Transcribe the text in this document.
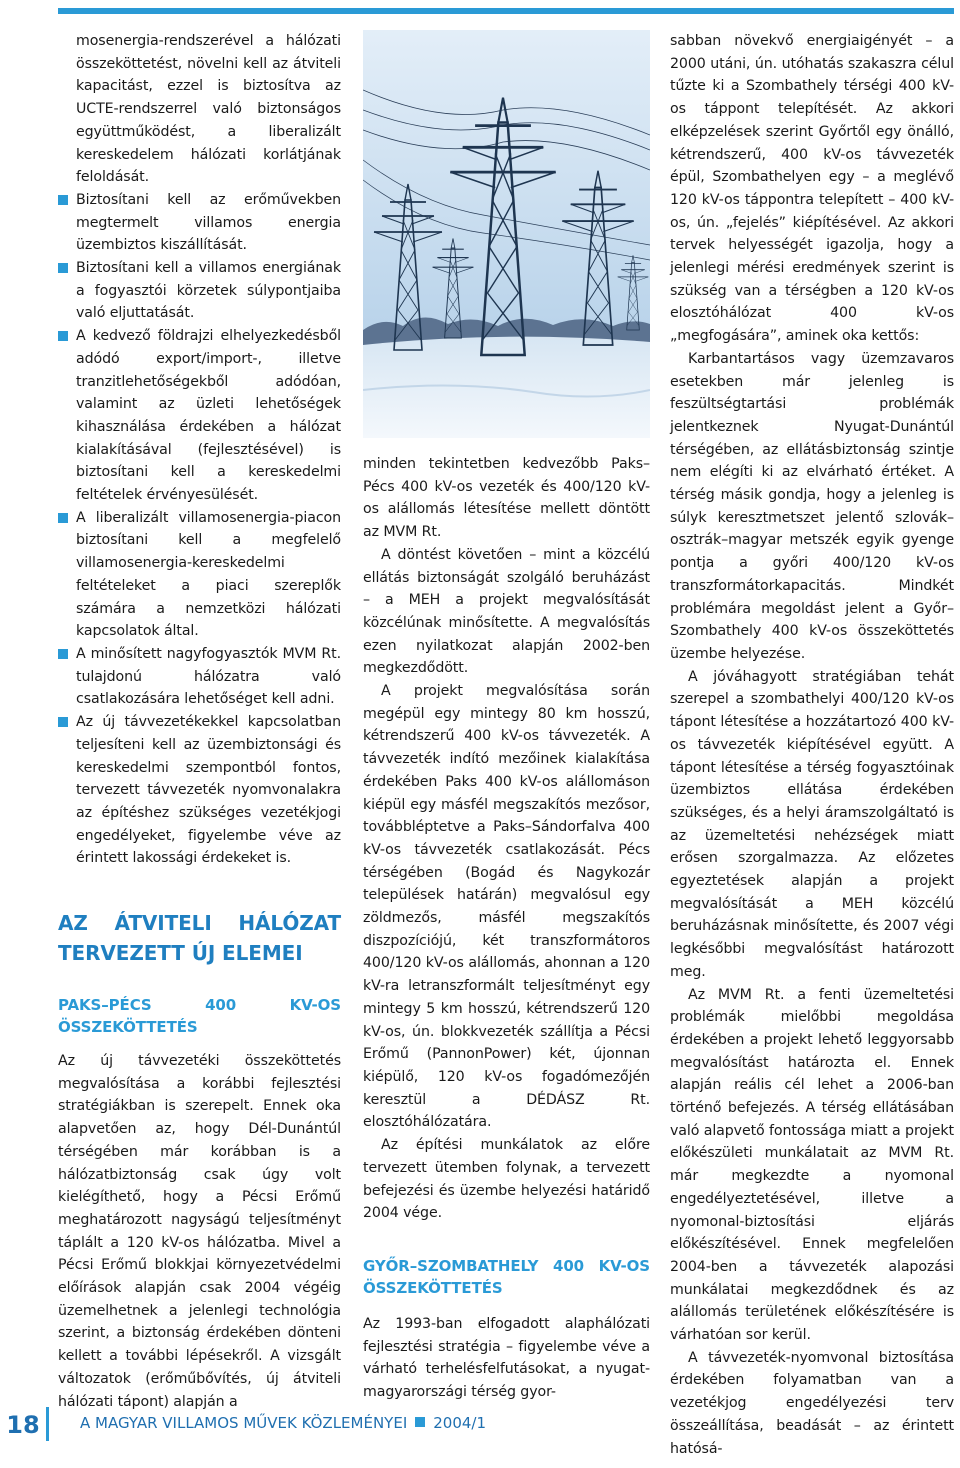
mosenergia-rendszerével a hálózati összeköttetést, növelni kell az átviteli kapacitást, ezzel is biztosítva az UCTE-rendszerrel való biztonságos együttműködést, a liberalizált kereskedelem hálózati korlátjának feloldását.

Biztosítani kell az erőművekben megtermelt villamos energia üzembiztos kiszállítását.

Biztosítani kell a villamos energiának a fogyasztói körzetek súlypontjaiba való eljuttatását.

A kedvező földrajzi elhelyezkedésből adódó export/import-, illetve tranzitlehetőségekből adódóan, valamint az üzleti lehetőségek kihasználása érdekében a hálózat kialakításával (fejlesztésével) is biztosítani kell a kereskedelmi feltételek érvényesülését.

A liberalizált villamosenergia-piacon biztosítani kell a megfelelő villamosenergia-kereskedelmi feltételeket a piaci szereplők számára a nemzetközi hálózati kapcsolatok által.

A minősített nagyfogyasztók MVM Rt. tulajdonú hálózatra való csatlakozására lehetőséget kell adni.

Az új távvezetékekkel kapcsolatban teljesíteni kell az üzembiztonsági és kereskedelmi szempontból fontos, tervezett távvezeték nyomvonalakra az építéshez szükséges vezetékjogi engedélyeket, figyelembe véve az érintett lakossági érdekeket is.

AZ ÁTVITELI HÁLÓZAT TERVEZETT ÚJ ELEMEI
PAKS–PÉCS 400 KV-OS ÖSSZEKÖTTETÉS

Az új távvezetéki összeköttetés megvalósítása a korábbi fejlesztési stratégiákban is szerepelt. Ennek oka alapvetően az, hogy Dél-Dunántúl térségében már korábban is a hálózatbiztonság csak úgy volt kielégíthető, hogy a Pécsi Erőmű meghatározott nagyságú teljesítményt táplált a 120 kV-os hálózatba. Mivel a Pécsi Erőmű blokkjai környezetvédelmi előírások alapján csak 2004 végéig üzemelhetnek a jelenlegi technológia szerint, a biztonság érdekében dönteni kellett a további lépésekről. A vizsgált változatok (erőműbővítés, új átviteli hálózati tápont) alapján a

minden tekintetben kedvezőbb Paks–Pécs 400 kV-os vezeték és 400/120 kV-os alállomás létesítése mellett döntött az MVM Rt.

A döntést követően – mint a közcélú ellátás biztonságát szolgáló beruházást – a MEH a projekt megvalósítását közcélúnak minősítette. A megvalósítás ezen nyilatkozat alapján 2002-ben megkezdődött.

A projekt megvalósítása során megépül egy mintegy 80 km hosszú, kétrendszerű 400 kV-os távvezeték. A távvezeték indító mezőinek kialakítása érdekében Paks 400 kV-os alállomáson kiépül egy másfél megszakítós mezősor, továbbléptetve a Paks–Sándorfalva 400 kV-os távvezeték csatlakozását. Pécs térségében (Bogád és Nagykozár települések határán) megvalósul egy zöldmezős, másfél megszakítós diszpozíciójú, két transzformátoros 400/120 kV-os alállomás, ahonnan a 120 kV-ra letranszformált teljesítményt egy mintegy 5 km hosszú, kétrendszerű 120 kV-os, ún. blokkvezeték szállítja a Pécsi Erőmű (PannonPower) két, újonnan kiépülő, 120 kV-os fogadómezőjén keresztül a DÉDÁSZ Rt. elosztóhálózatára.

Az építési munkálatok az előre tervezett ütemben folynak, a tervezett befejezési és üzembe helyezési határidő 2004 vége.

GYŐR–SZOMBATHELY 400 KV-OS ÖSSZEKÖTTETÉS

Az 1993-ban elfogadott alaphálózati fejlesztési stratégia – figyelembe véve a várható terhelésfelfutásokat, a nyugat-magyarországi térség gyor-

sabban növekvő energiaigényét – a 2000 utáni, ún. utóhatás szakaszra célul tűzte ki a Szombathely térségi 400 kV-os táppont telepítését. Az akkori elképzelések szerint Győrtől egy önálló, kétrendszerű, 400 kV-os távvezeték épül, Szombathelyen egy – a meglévő 120 kV-os táppontra telepített – 400 kV-os, ún. „fejelés” kiépítésével. Az akkori tervek helyességét igazolja, hogy a jelenlegi mérési eredmények szerint is szükség van a térségben a 120 kV-os elosztóhálózat 400 kV-os „megfogására”, aminek oka kettős:

Karbantartásos vagy üzemzavaros esetekben már jelenleg is feszültségtartási problémák jelentkeznek Nyugat-Dunántúl térségében, az ellátásbiztonság szintje nem elégíti ki az elvárható értéket. A térség másik gondja, hogy a jelenleg is súlyk keresztmetszet jelentő szlovák–osztrák–magyar metszék egyik gyenge pontja a győri 400/120 kV-os transzformátorkapacitás. Mindkét problémára megoldást jelent a Győr–Szombathely 400 kV-os összeköttetés üzembe helyezése.

A jóváhagyott stratégiában tehát szerepel a szombathelyi 400/120 kV-os tápont létesítése a hozzátartozó 400 kV-os távvezeték kiépítésével együtt. A tápont létesítése a térség fogyasztóinak üzembiztos ellátása érdekében szükséges, és a helyi áramszolgáltató is az üzemeltetési nehézségek miatt erősen szorgalmazza. Az előzetes egyeztetések alapján a projekt megvalósítását a MEH közcélú beruházásnak minősítette, és 2007 végi legkésőbbi megvalósítást határozott meg.

Az MVM Rt. a fenti üzemeltetési problémák mielőbbi megoldása érdekében a projekt lehető leggyorsabb megvalósítást határozta el. Ennek alapján reális cél lehet a 2006-ban történő befejezés. A térség ellátásában való alapvető fontossága miatt a projekt előkészületi munkálatait az MVM Rt. már megkezdte a nyomonal engedélyeztetésével, illetve a nyomonal-biztosítási eljárás előkészítésével. Ennek megfelelően 2004-ben a távvezeték alapozási munkálatai megkezdődnek és az alállomás területének előkészítésére is várhatóan sor kerül.

A távvezeték-nyomvonal biztosítása érdekében folyamatban van a vezetékjog engedélyezési terv összeállítása, beadását – az érintett hatósá-

18	A MAGYAR VILLAMOS MŰVEK KÖZLEMÉNYEI 2004/1
